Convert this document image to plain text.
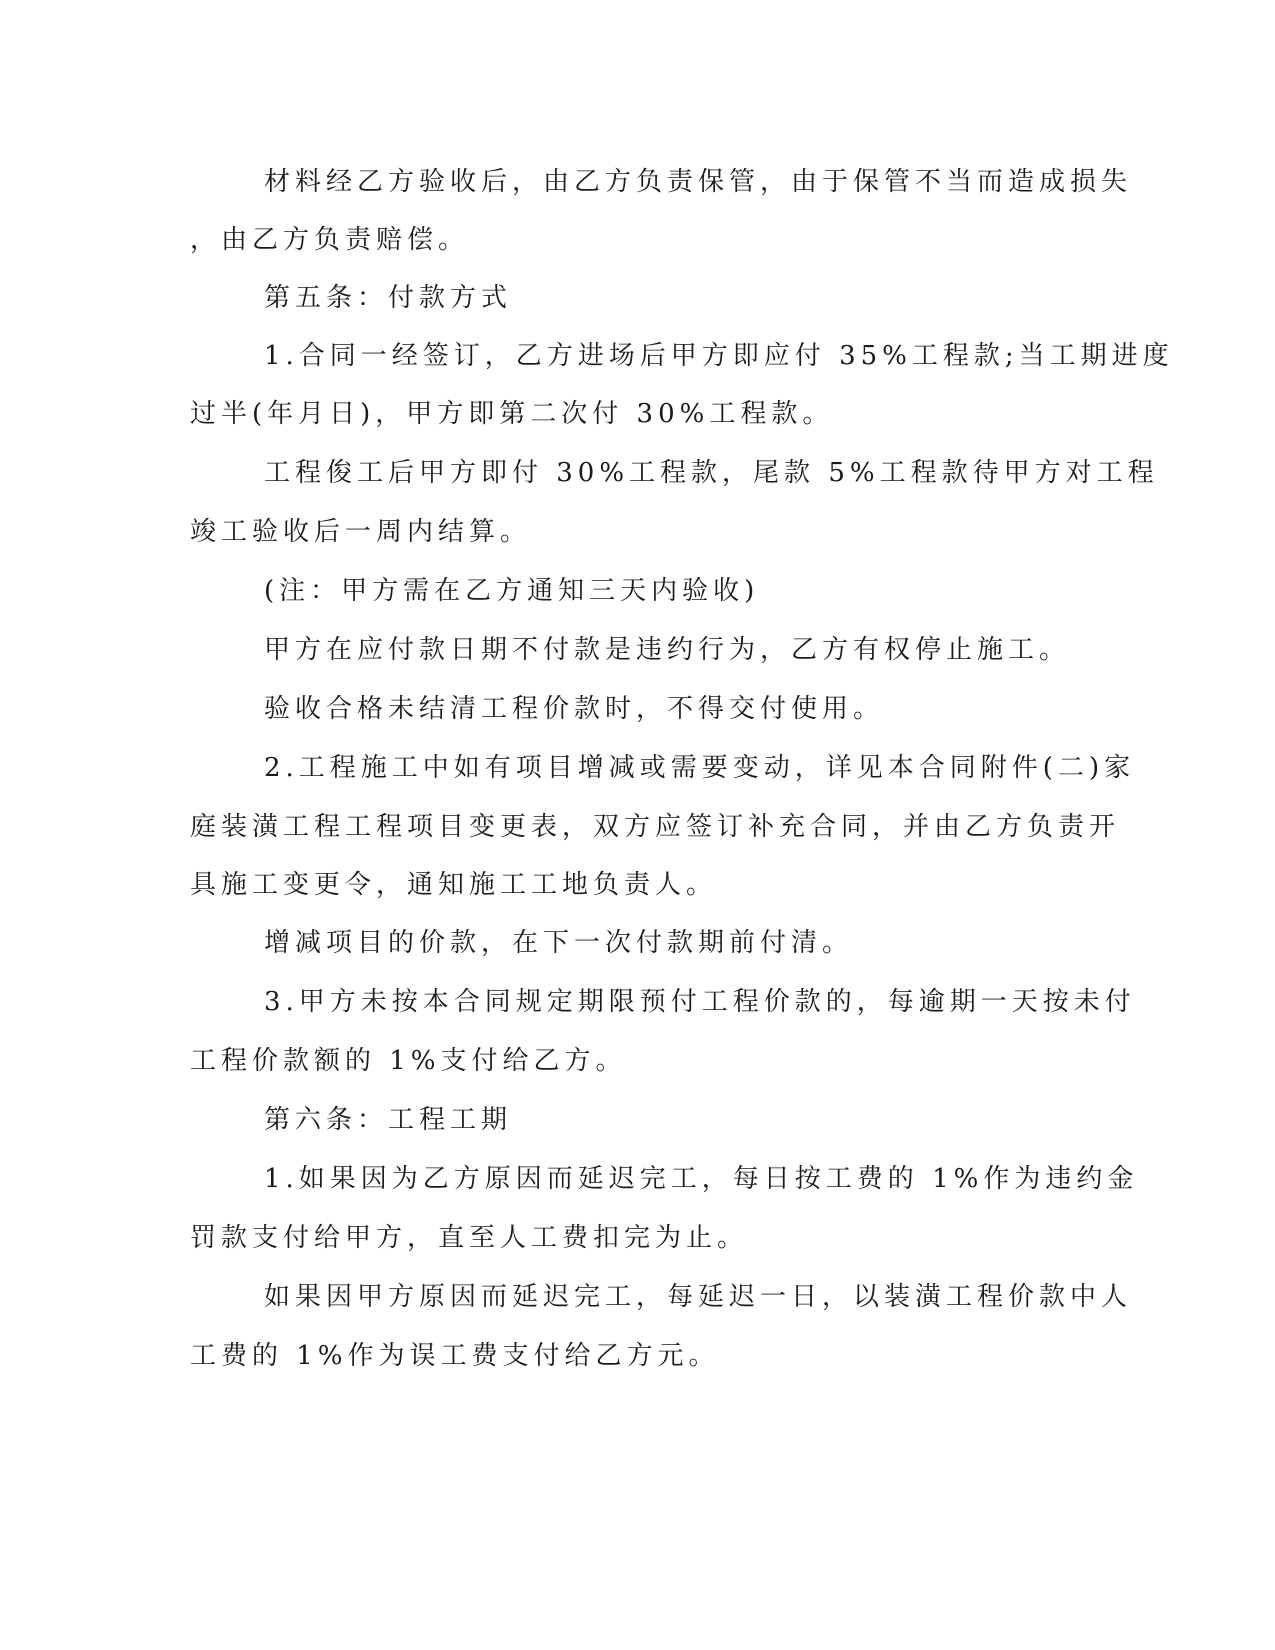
材料经乙方验收后，由乙方负责保管，由于保管不当而造成损失
，由乙方负责赔偿。
第五条：付款方式
1.合同一经签订，乙方进场后甲方即应付 35%工程款;当工期进度
过半(年月日)，甲方即第二次付 30%工程款。
工程俊工后甲方即付 30%工程款，尾款 5%工程款待甲方对工程
竣工验收后一周内结算。
(注：甲方需在乙方通知三天内验收)
甲方在应付款日期不付款是违约行为，乙方有权停止施工。
验收合格未结清工程价款时，不得交付使用。
2.工程施工中如有项目增减或需要变动，详见本合同附件(二)家
庭装潢工程工程项目变更表，双方应签订补充合同，并由乙方负责开
具施工变更令，通知施工工地负责人。
增减项目的价款，在下一次付款期前付清。
3.甲方未按本合同规定期限预付工程价款的，每逾期一天按未付
工程价款额的 1%支付给乙方。
第六条：工程工期
1.如果因为乙方原因而延迟完工，每日按工费的 1%作为违约金
罚款支付给甲方，直至人工费扣完为止。
如果因甲方原因而延迟完工，每延迟一日，以装潢工程价款中人
工费的 1%作为误工费支付给乙方元。
